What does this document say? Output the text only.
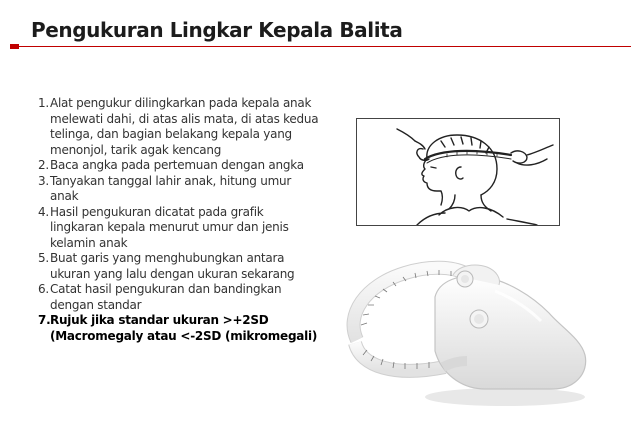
Pengukuran Lingkar Kepala Balita
1. Alat pengukur dilingkarkan pada kepala anak melewati dahi, di atas alis mata, di atas kedua telinga, dan bagian belakang kepala yang menonjol, tarik agak kencang
2. Baca angka pada pertemuan dengan angka
3. Tanyakan tanggal lahir anak, hitung umur anak
4. Hasil pengukuran dicatat pada grafik lingkaran kepala menurut umur dan jenis kelamin anak
5. Buat garis yang menghubungkan antara ukuran yang lalu dengan ukuran sekarang
6. Catat hasil pengukuran dan bandingkan dengan standar
7. Rujuk jika standar ukuran >+2SD (Macromegaly atau <-2SD (mikromegali)
